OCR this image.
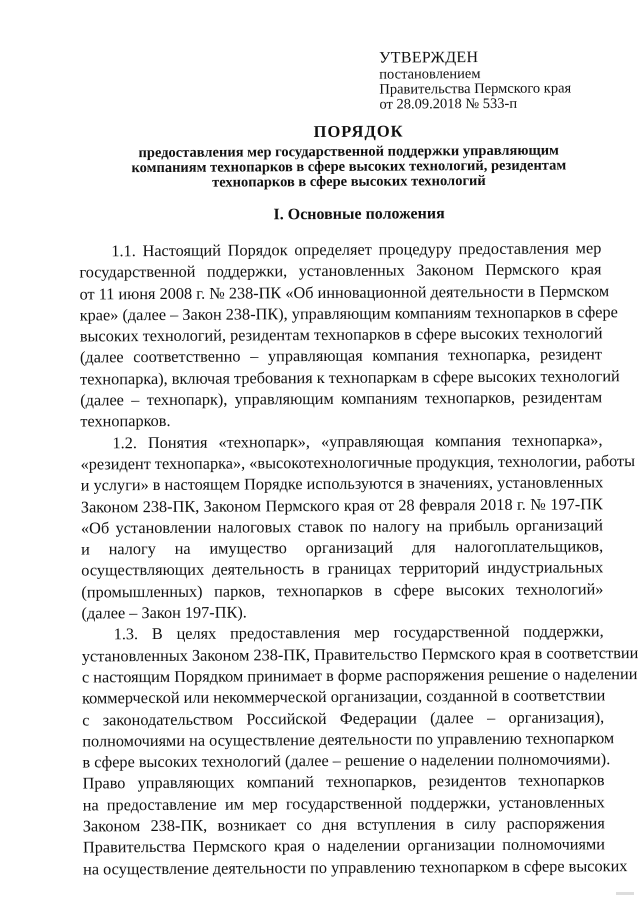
УТВЕРЖДЕН
постановлением
Правительства Пермского края
от 28.09.2018 № 533-п
ПОРЯДОК
предоставления мер государственной поддержки управляющим
компаниям технопарков в сфере высоких технологий, резидентам
технопарков в сфере высоких технологий
I. Основные положения
1.1. Настоящий Порядок определяет процедуру предоставления мер
государственной поддержки, установленных Законом Пермского края
от 11 июня 2008 г. № 238-ПК «Об инновационной деятельности в Пермском
крае» (далее – Закон 238-ПК), управляющим компаниям технопарков в сфере
высоких технологий, резидентам технопарков в сфере высоких технологий
(далее соответственно – управляющая компания технопарка, резидент
технопарка), включая требования к технопаркам в сфере высоких технологий
(далее – технопарк), управляющим компаниям технопарков, резидентам
технопарков.
1.2. Понятия «технопарк», «управляющая компания технопарка»,
«резидент технопарка», «высокотехнологичные продукция, технологии, работы
и услуги» в настоящем Порядке используются в значениях, установленных
Законом 238-ПК, Законом Пермского края от 28 февраля 2018 г. № 197-ПК
«Об установлении налоговых ставок по налогу на прибыль организаций
и налогу на имущество организаций для налогоплательщиков,
осуществляющих деятельность в границах территорий индустриальных
(промышленных) парков, технопарков в сфере высоких технологий»
(далее – Закон 197-ПК).
1.3. В целях предоставления мер государственной поддержки,
установленных Законом 238-ПК, Правительство Пермского края в соответствии
с настоящим Порядком принимает в форме распоряжения решение о наделении
коммерческой или некоммерческой организации, созданной в соответствии
с законодательством Российской Федерации (далее – организация),
полномочиями на осуществление деятельности по управлению технопарком
в сфере высоких технологий (далее – решение о наделении полномочиями).
Право управляющих компаний технопарков, резидентов технопарков
на предоставление им мер государственной поддержки, установленных
Законом 238-ПК, возникает со дня вступления в силу распоряжения
Правительства Пермского края о наделении организации полномочиями
на осуществление деятельности по управлению технопарком в сфере высоких
